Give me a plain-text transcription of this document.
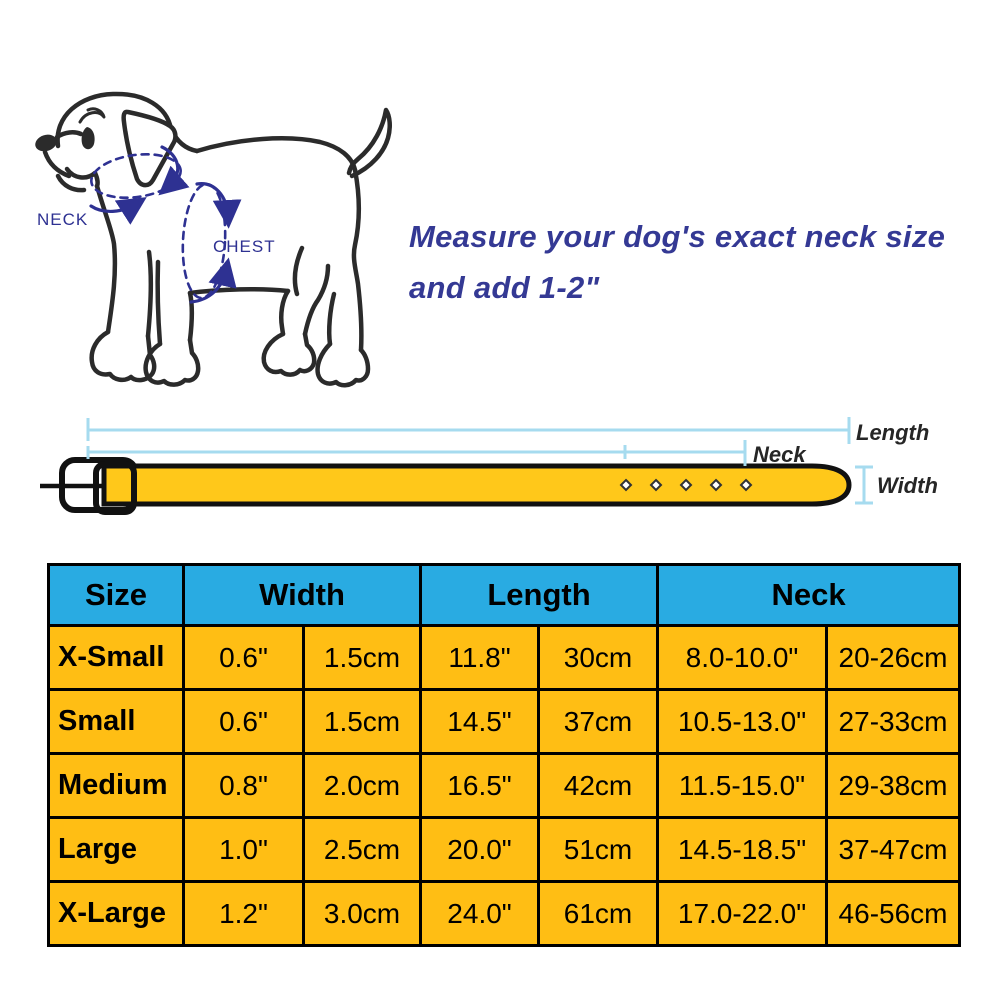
NECK
CHEST
Length
Neck
Width
Measure your dog's exact neck size
and add 1-2"
Size	Width		Length		Neck	
X-Small	0.6"	1.5cm	11.8"	30cm	8.0-10.0"	20-26cm
Small	0.6"	1.5cm	14.5"	37cm	10.5-13.0"	27-33cm
Medium	0.8"	2.0cm	16.5"	42cm	11.5-15.0"	29-38cm
Large	1.0"	2.5cm	20.0"	51cm	14.5-18.5"	37-47cm
X-Large	1.2"	3.0cm	24.0"	61cm	17.0-22.0"	46-56cm
